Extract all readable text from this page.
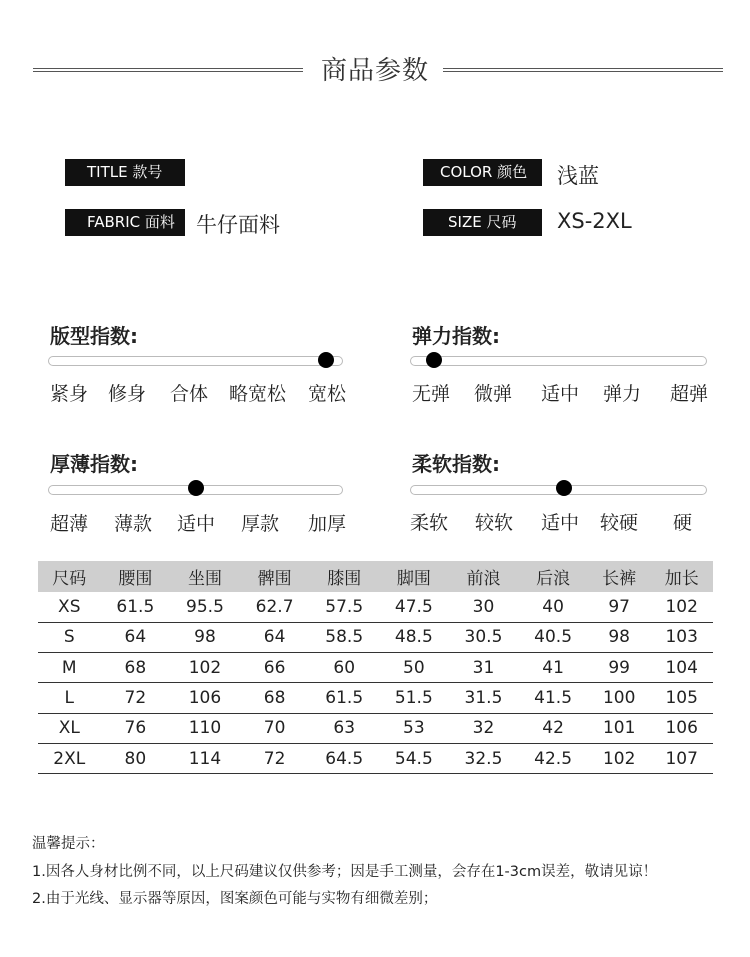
商品参数
TITLE 款号	COLOR 颜色	浅蓝
FABRIC 面料	牛仔面料	SIZE 尺码	XS-2XL
版型指数:
紧身 修身 合体 略宽松 宽松
弹力指数:
无弹 微弹 适中 弹力 超弹
厚薄指数:
超薄 薄款 适中 厚款 加厚
柔软指数:
柔软 较软 适中 较硬 硬
尺码	腰围	坐围	髀围	膝围	脚围	前浪	后浪	长裤	加长
XS	61.5	95.5	62.7	57.5	47.5	30	40	97	102
S	64	98	64	58.5	48.5	30.5	40.5	98	103
M	68	102	66	60	50	31	41	99	104
L	72	106	68	61.5	51.5	31.5	41.5	100	105
XL	76	110	70	63	53	32	42	101	106
2XL	80	114	72	64.5	54.5	32.5	42.5	102	107
温馨提示：
1.因各人身材比例不同，以上尺码建议仅供参考；因是手工测量，会存在1-3cm误差，敬请见谅！
2.由于光线、显示器等原因，图案颜色可能与实物有细微差别；
